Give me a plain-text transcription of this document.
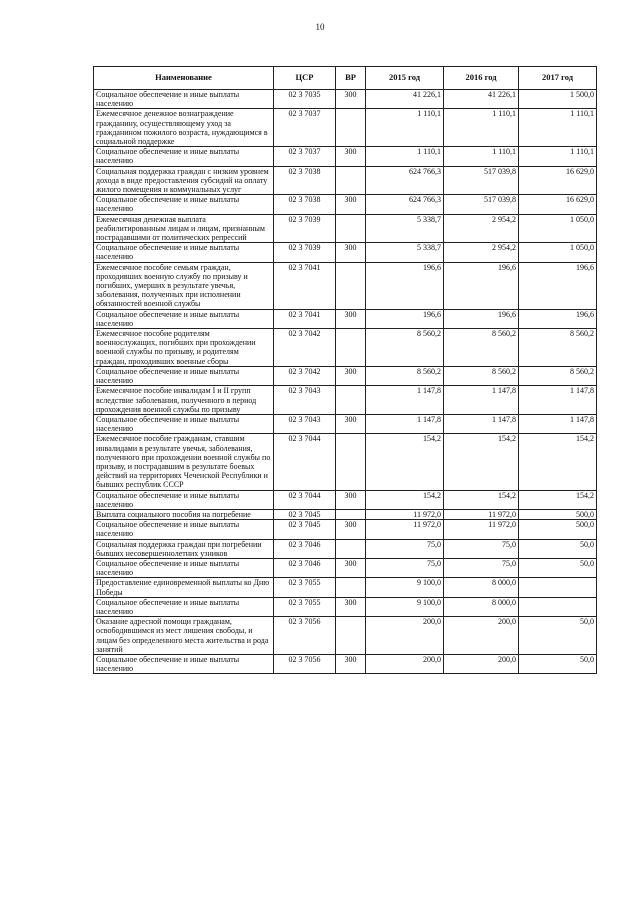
10
Наименование	ЦСР	ВР	2015 год	2016 год	2017 год
Социальное обеспечение и иные выплаты населению	02 3 7035	300	41 226,1	41 226,1	1 500,0
Ежемесячное денежное вознаграждение гражданину, осуществляющему уход за гражданином пожилого возраста, нуждающимся в социальной поддержке	02 3 7037		1 110,1	1 110,1	1 110,1
Социальное обеспечение и иные выплаты населению	02 3 7037	300	1 110,1	1 110,1	1 110,1
Социальная поддержка граждан с низким уровнем дохода в виде предоставления субсидий на оплату жилого помещения и коммунальных услуг	02 3 7038		624 766,3	517 039,8	16 629,0
Социальное обеспечение и иные выплаты населению	02 3 7038	300	624 766,3	517 039,8	16 629,0
Ежемесячная денежная выплата реабилитированным лицам и лицам, признанным пострадавшими от политических репрессий	02 3 7039		5 338,7	2 954,2	1 050,0
Социальное обеспечение и иные выплаты населению	02 3 7039	300	5 338,7	2 954,2	1 050,0
Ежемесячное пособие семьям граждан, проходивших военную службу по призыву и погибших, умерших в результате увечья, заболевания, полученных при исполнении обязанностей военной службы	02 3 7041		196,6	196,6	196,6
Социальное обеспечение и иные выплаты населению	02 3 7041	300	196,6	196,6	196,6
Ежемесячное пособие родителям военнослужащих, погибших при прохождении военной службы по призыву, и родителям граждан, проходивших военные сборы	02 3 7042		8 560,2	8 560,2	8 560,2
Социальное обеспечение и иные выплаты населению	02 3 7042	300	8 560,2	8 560,2	8 560,2
Ежемесячное пособие инвалидам I и II групп вследствие заболевания, полученного в период прохождения военной службы по призыву	02 3 7043		1 147,8	1 147,8	1 147,8
Социальное обеспечение и иные выплаты населению	02 3 7043	300	1 147,8	1 147,8	1 147,8
Ежемесячное пособие гражданам, ставшим инвалидами в результате увечья, заболевания, полученного при прохождении военной службы по призыву, и пострадавшим в результате боевых действий на территориях Чеченской Республики и бывших республик СССР	02 3 7044		154,2	154,2	154,2
Социальное обеспечение и иные выплаты населению	02 3 7044	300	154,2	154,2	154,2
Выплата социального пособия на погребение	02 3 7045		11 972,0	11 972,0	500,0
Социальное обеспечение и иные выплаты населению	02 3 7045	300	11 972,0	11 972,0	500,0
Социальная поддержка граждан при погребении бывших несовершеннолетних узников	02 3 7046		75,0	75,0	50,0
Социальное обеспечение и иные выплаты населению	02 3 7046	300	75,0	75,0	50,0
Предоставление единовременной выплаты ко Дню Победы	02 3 7055		9 100,0	8 000,0	
Социальное обеспечение и иные выплаты населению	02 3 7055	300	9 100,0	8 000,0	
Оказание адресной помощи гражданам, освободившимся из мест лишения свободы, и лицам без определенного места жительства и рода занятий	02 3 7056		200,0	200,0	50,0
Социальное обеспечение и иные выплаты населению	02 3 7056	300	200,0	200,0	50,0
